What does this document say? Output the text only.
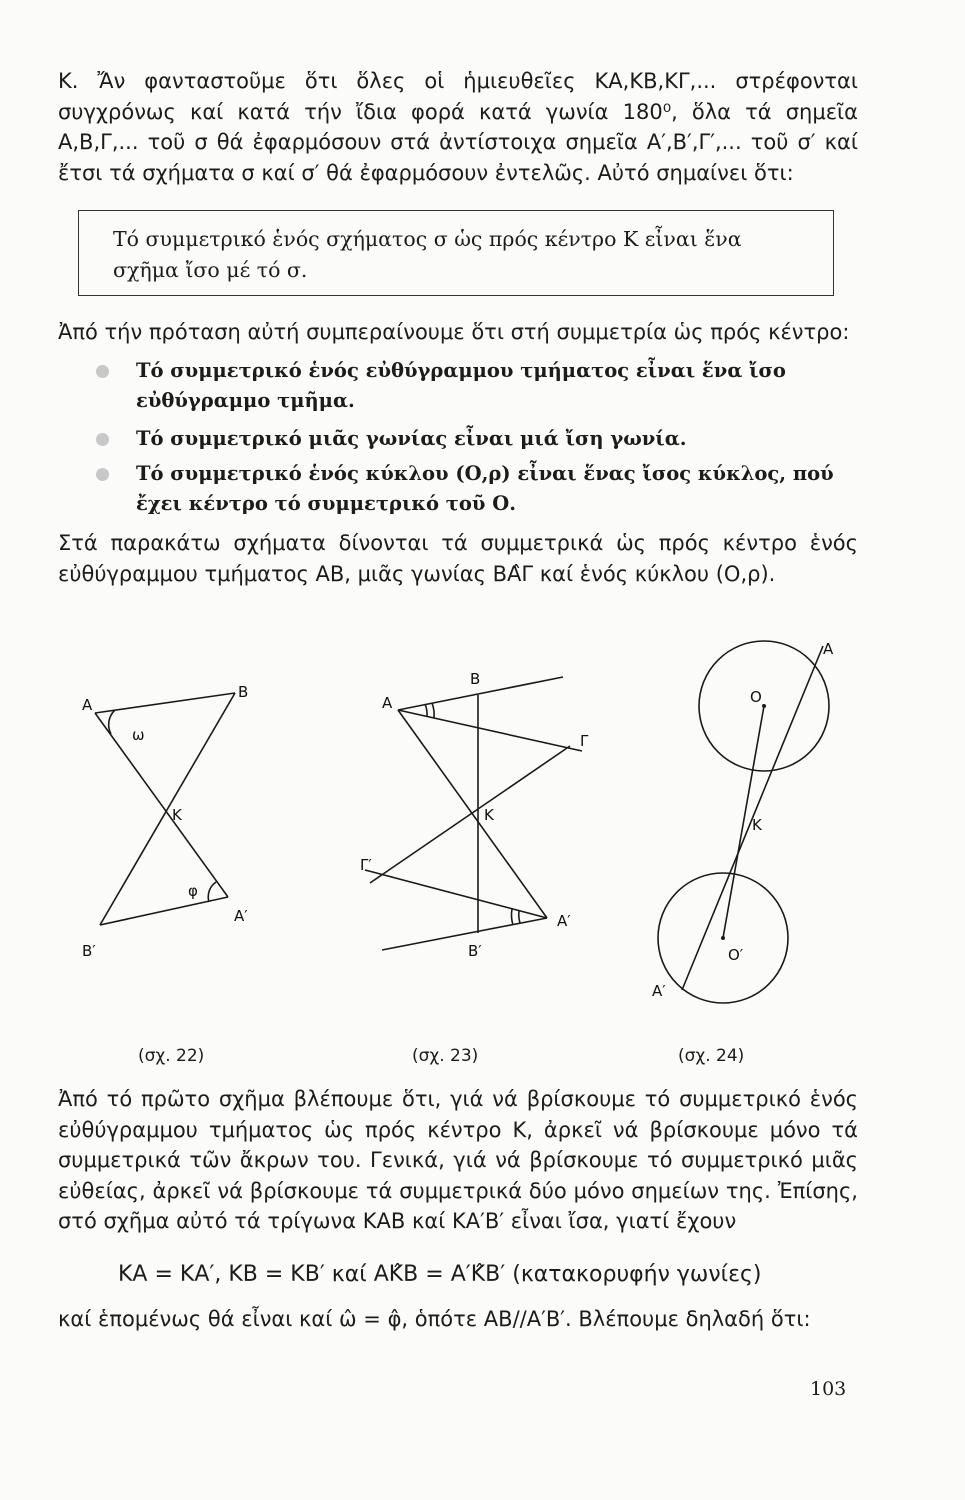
K. Ἄν φανταστοῦμε ὅτι ὅλες οἱ ἡμιευθεῖες ΚΑ,ΚΒ,ΚΓ,... στρέφονται συγχρόνως καί κατά τήν ἴδια φορά κατά γωνία 180⁰, ὅλα τά σημεῖα Α,Β,Γ,... τοῦ σ θά ἐφαρμόσουν στά ἀντίστοιχα σημεῖα Α′,Β′,Γ′,... τοῦ σ′ καί ἔτσι τά σχήματα σ καί σ′ θά ἐφαρμόσουν ἐντελῶς. Αὐτό σημαίνει ὅτι:

Τό συμμετρικό ἑνός σχήματος σ ὡς πρός κέντρο Κ εἶναι ἕνα σχῆμα ἴσο μέ τό σ.

Ἀπό τήν πρόταση αὐτή συμπεραίνουμε ὅτι στή συμμετρία ὡς πρός κέντρο:

Τό συμμετρικό ἑνός εὐθύγραμμου τμήματος εἶναι ἕνα ἴσο εὐθύγραμμο τμῆμα.
Τό συμμετρικό μιᾶς γωνίας εἶναι μιά ἴση γωνία.
Τό συμμετρικό ἑνός κύκλου (Ο,ρ) εἶναι ἕνας ἴσος κύκλος, πού ἔχει κέντρο τό συμμετρικό τοῦ Ο.

Στά παρακάτω σχήματα δίνονται τά συμμετρικά ὡς πρός κέντρο ἑνός εὐθύγραμμου τμήματος ΑΒ, μιᾶς γωνίας ΒΑ̂Γ καί ἑνός κύκλου (Ο,ρ).

A
B
ω
K
φ
A′
B′
B
A
Γ
K
Γ′
A′
B′
A
O
K
O′
A′
(σχ. 22)	(σχ. 23)	(σχ. 24)

Ἀπό τό πρῶτο σχῆμα βλέπουμε ὅτι, γιά νά βρίσκουμε τό συμμετρικό ἑνός εὐθύγραμμου τμήματος ὡς πρός κέντρο Κ, ἀρκεῖ νά βρίσκουμε μόνο τά συμμετρικά τῶν ἄκρων του. Γενικά, γιά νά βρίσκουμε τό συμμετρικό μιᾶς εὐθείας, ἀρκεῖ νά βρίσκουμε τά συμμετρικά δύο μόνο σημείων της. Ἐπίσης, στό σχῆμα αὐτό τά τρίγωνα ΚΑΒ καί ΚΑ′Β′ εἶναι ἴσα, γιατί ἔχουν

ΚΑ = ΚΑ′, ΚΒ = ΚΒ′ καί ΑΚ̂Β = Α′Κ̂Β′ (κατακορυφήν γωνίες)

καί ἑπομένως θά εἶναι καί ω̂ = φ̂, ὁπότε ΑΒ//Α′Β′. Βλέπουμε δηλαδή ὅτι:

103
